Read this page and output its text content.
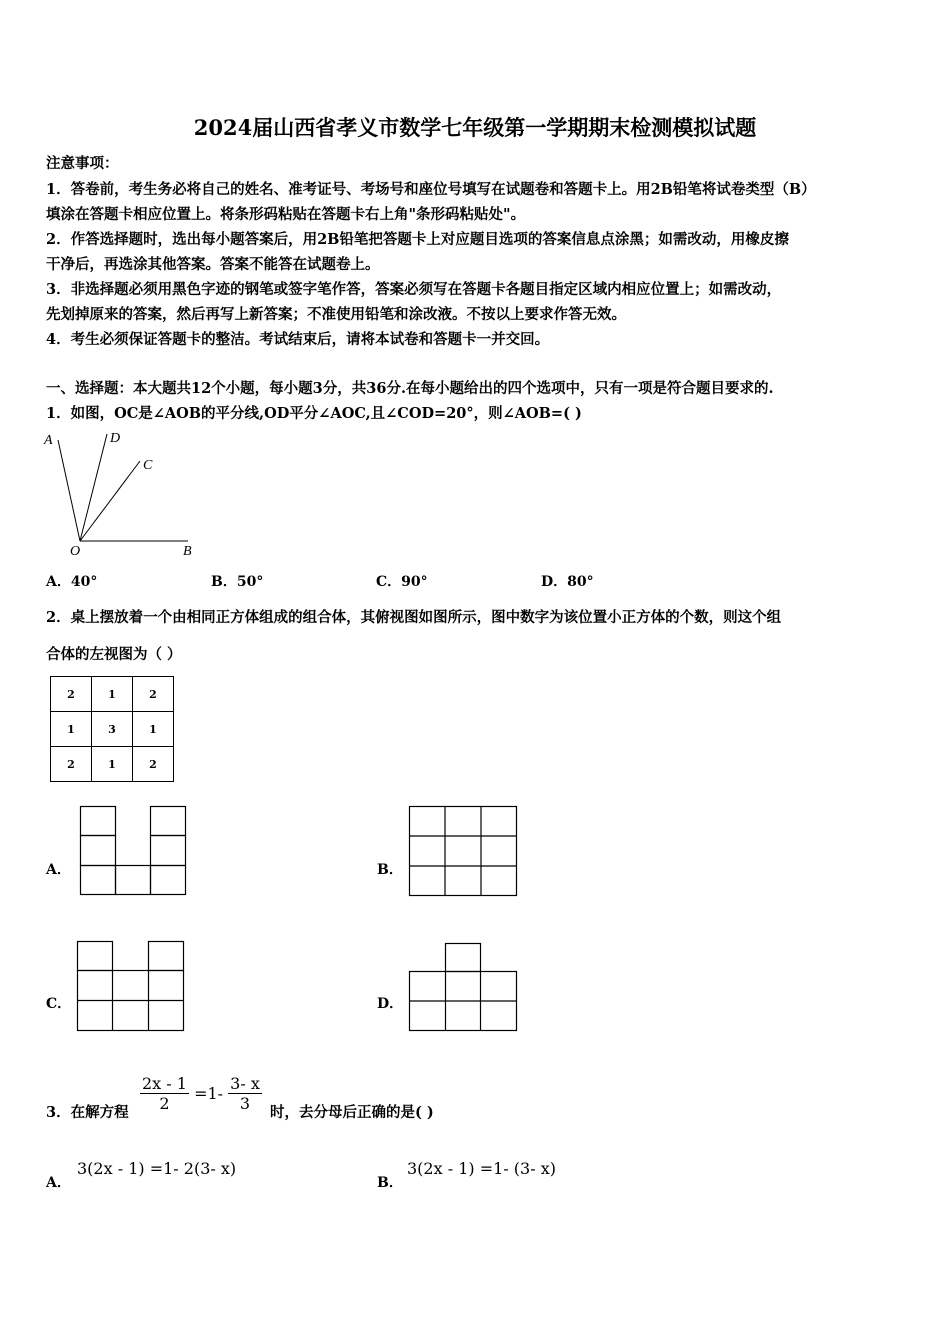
2024届山西省孝义市数学七年级第一学期期末检测模拟试题
注意事项：
1．答卷前，考生务必将自己的姓名、准考证号、考场号和座位号填写在试题卷和答题卡上。用2B铅笔将试卷类型（B）
填涂在答题卡相应位置上。将条形码粘贴在答题卡右上角"条形码粘贴处"。
2．作答选择题时，选出每小题答案后，用2B铅笔把答题卡上对应题目选项的答案信息点涂黑；如需改动，用橡皮擦
干净后，再选涂其他答案。答案不能答在试题卷上。
3．非选择题必须用黑色字迹的钢笔或签字笔作答，答案必须写在答题卡各题目指定区域内相应位置上；如需改动，
先划掉原来的答案，然后再写上新答案；不准使用铅笔和涂改液。不按以上要求作答无效。
4．考生必须保证答题卡的整洁。考试结束后，请将本试卷和答题卡一并交回。
一、选择题：本大题共12个小题，每小题3分，共36分.在每小题给出的四个选项中，只有一项是符合题目要求的.
1．如图，OC是∠AOB的平分线,OD平分∠AOC,且∠COD=20°，则∠AOB=( )
A	D
C
O	B
A．40°	B．50°	C．90°	D．80°
2．桌上摆放着一个由相同正方体组成的组合体，其俯视图如图所示，图中数字为该位置小正方体的个数，则这个组
合体的左视图为（ ）
2	1	2
1	3	1
2	1	2
A．	B．
C．	D．
3．在解方程 $\frac{2x - 1}{2} =1- \frac{3- x}{3}$ 时，去分母后正确的是( )
A．
3(2x - 1) =1- 2(3- x)
B．
3(2x - 1) =1- (3- x)
